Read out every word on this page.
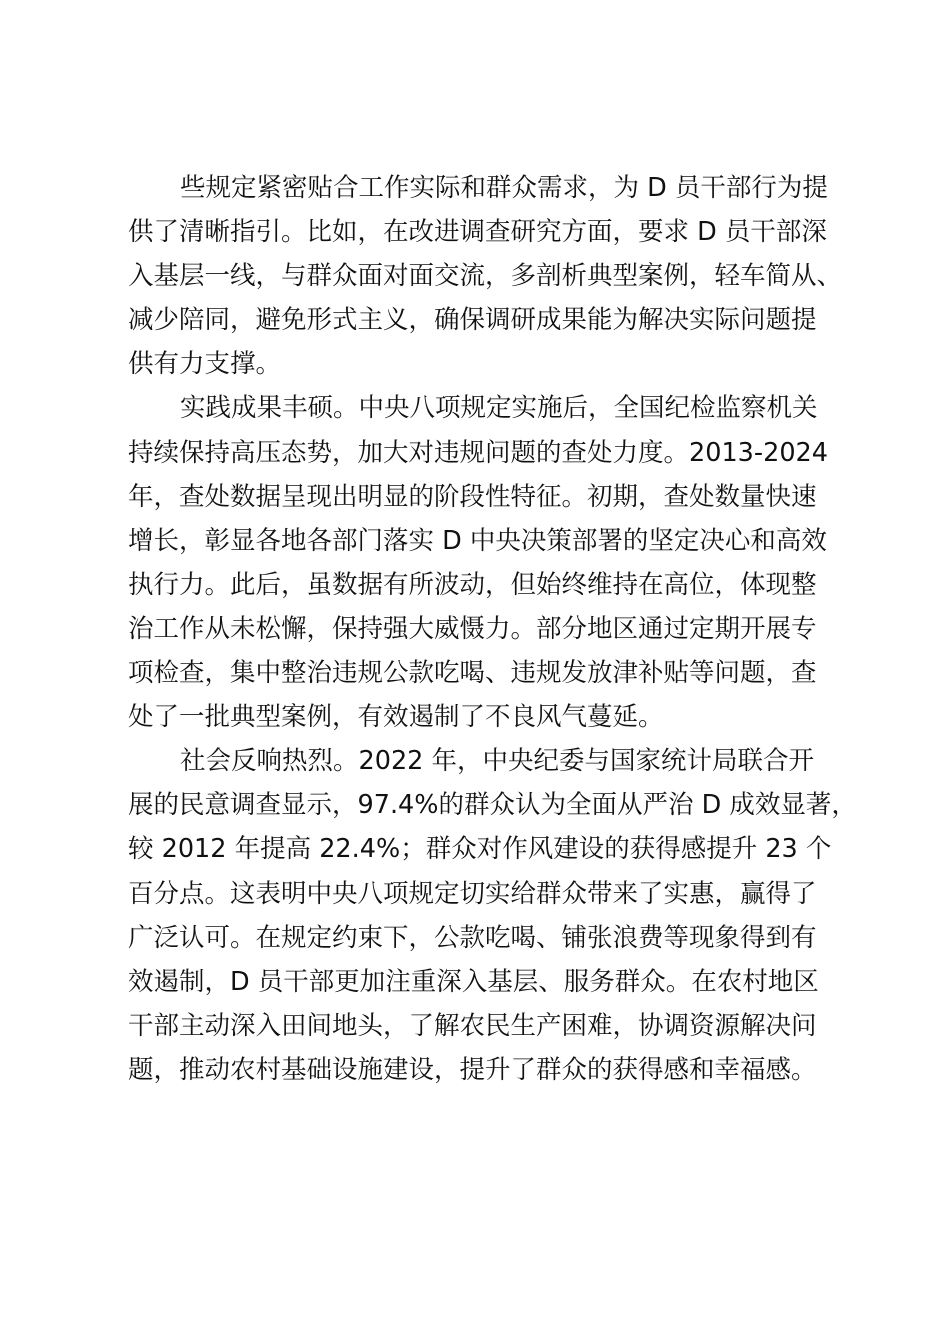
些规定紧密贴合工作实际和群众需求，为 D 员干部行为提
供了清晰指引。比如，在改进调查研究方面，要求 D 员干部深
入基层一线，与群众面对面交流，多剖析典型案例，轻车简从、
减少陪同，避免形式主义，确保调研成果能为解决实际问题提
供有力支撑。
实践成果丰硕。中央八项规定实施后，全国纪检监察机关
持续保持高压态势，加大对违规问题的查处力度。2013-2024
年，查处数据呈现出明显的阶段性特征。初期，查处数量快速
增长，彰显各地各部门落实 D 中央决策部署的坚定决心和高效
执行力。此后，虽数据有所波动，但始终维持在高位，体现整
治工作从未松懈，保持强大威慑力。部分地区通过定期开展专
项检查，集中整治违规公款吃喝、违规发放津补贴等问题，查
处了一批典型案例，有效遏制了不良风气蔓延。
社会反响热烈。2022 年，中央纪委与国家统计局联合开
展的民意调查显示，97.4%的群众认为全面从严治 D 成效显著，
较 2012 年提高 22.4%；群众对作风建设的获得感提升 23 个
百分点。这表明中央八项规定切实给群众带来了实惠，赢得了
广泛认可。在规定约束下，公款吃喝、铺张浪费等现象得到有
效遏制，D 员干部更加注重深入基层、服务群众。在农村地区
干部主动深入田间地头，了解农民生产困难，协调资源解决问
题，推动农村基础设施建设，提升了群众的获得感和幸福感。
